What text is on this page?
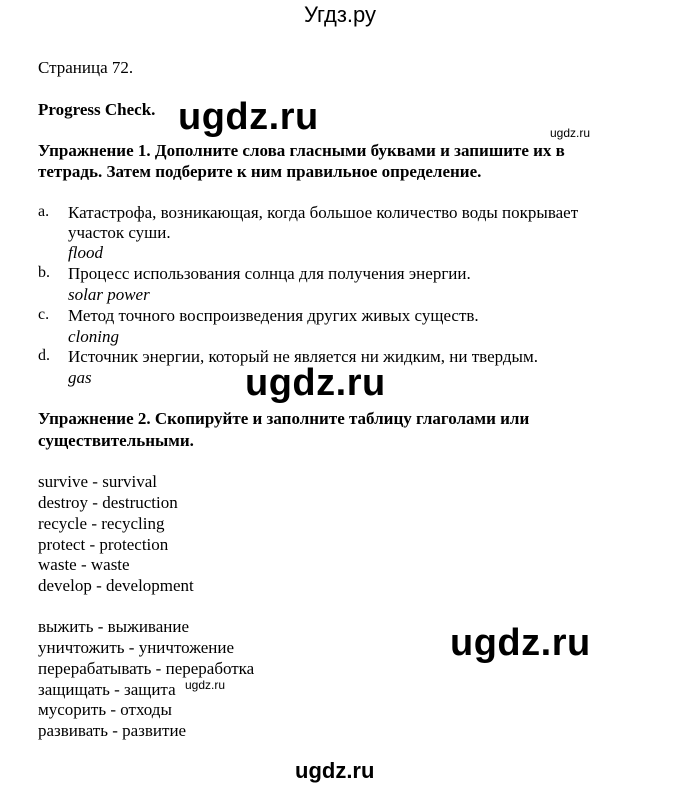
Угдз.ру
ugdz.ru	ugdz.ru
ugdz.ru
ugdz.ru
ugdz.ru
ugdz.ru
Страница 72.
Progress Check.
Упражнение 1. Дополните слова гласными буквами и запишите их в
тетрадь. Затем подберите к ним правильное определение.
a. Катастрофа, возникающая, когда большое количество воды покрывает
участок суши.
flood
b. Процесс использования солнца для получения энергии.
solar power
c. Метод точного воспроизведения других живых существ.
cloning
d. Источник энергии, который не является ни жидким, ни твердым.
gas
Упражнение 2. Скопируйте и заполните таблицу глаголами или
существительными.
survive - survival
destroy - destruction
recycle - recycling
protect - protection
waste - waste
develop - development
выжить - выживание
уничтожить - уничтожение
перерабатывать - переработка
защищать - защита
мусорить - отходы
развивать - развитие
